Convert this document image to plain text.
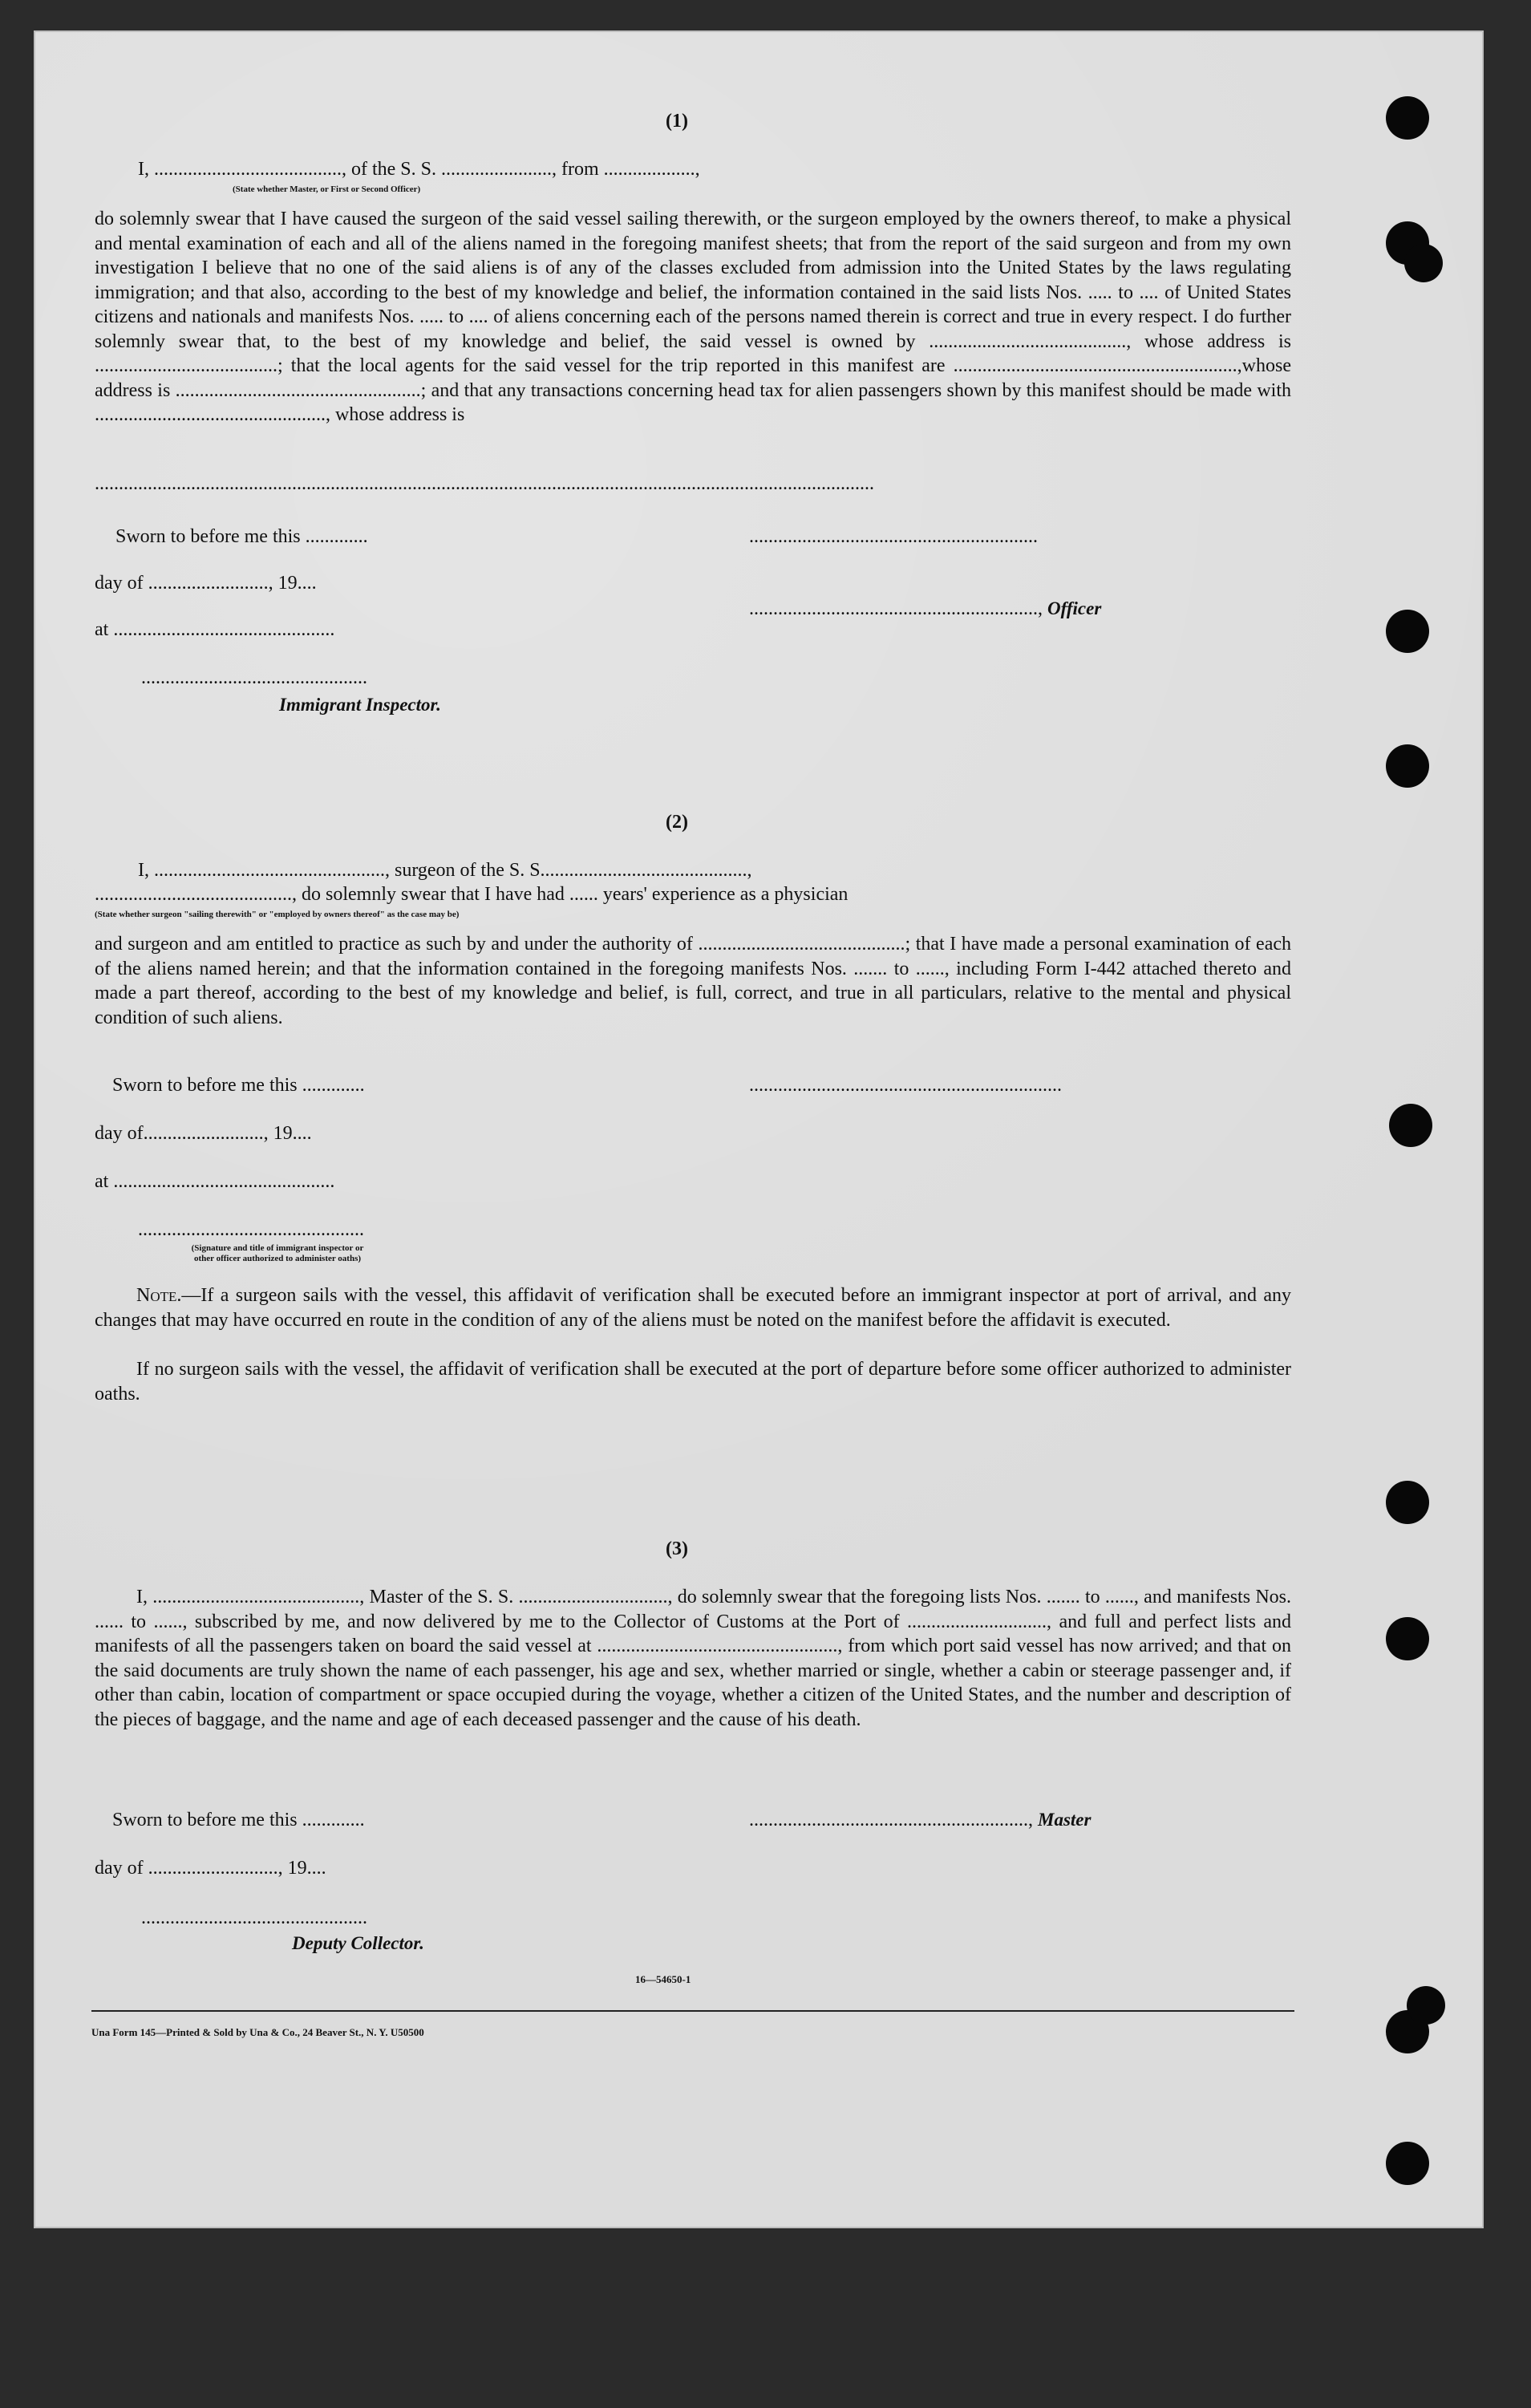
(1)
I, ......................................., of the S. S. ......................., from ...................,
(State whether Master, or First or Second Officer)
do solemnly swear that I have caused the surgeon of the said vessel sailing therewith, or the surgeon employed by the owners thereof, to make a physical and mental examination of each and all of the aliens named in the foregoing manifest sheets; that from the report of the said surgeon and from my own investigation I believe that no one of the said aliens is of any of the classes excluded from admission into the United States by the laws regulating immigration; and that also, according to the best of my knowledge and belief, the information contained in the said lists Nos. ..... to .... of United States citizens and nationals and manifests Nos. ..... to .... of aliens concerning each of the persons named therein is correct and true in every respect. I do further solemnly swear that, to the best of my knowledge and belief, the said vessel is owned by ........................................., whose address is ......................................; that the local agents for the said vessel for the trip reported in this manifest are ...........................................................,whose address is ...................................................; and that any transactions concerning head tax for alien passengers shown by this manifest should be made with ................................................, whose address is
..................................................................................................................................................................
Sworn to before me this .............	............................................................
day of ........................., 19....
............................................................, Officer
at ..............................................
...............................................
Immigrant Inspector.
(2)
I, ................................................, surgeon of the S. S...........................................,
........................................., do solemnly swear that I have had ...... years' experience as a physician
(State whether surgeon "sailing therewith" or "employed by owners thereof" as the case may be)
and surgeon and am entitled to practice as such by and under the authority of ...........................................; that I have made a personal examination of each of the aliens named herein; and that the information contained in the foregoing manifests Nos. ....... to ......, including Form I-442 attached thereto and made a part thereof, according to the best of my knowledge and belief, is full, correct, and true in all particulars, relative to the mental and physical condition of such aliens.
Sworn to before me this .............	.................................................................
day of........................., 19....
at ..............................................
...............................................
(Signature and title of immigrant inspector or
other officer authorized to administer oaths)
Note.—If a surgeon sails with the vessel, this affidavit of verification shall be executed before an immigrant inspector at port of arrival, and any changes that may have occurred en route in the condition of any of the aliens must be noted on the manifest before the affidavit is executed.
If no surgeon sails with the vessel, the affidavit of verification shall be executed at the port of departure before some officer authorized to administer oaths.
(3)
I, ..........................................., Master of the S. S. ..............................., do solemnly swear that the foregoing lists Nos. ....... to ......, and manifests Nos. ...... to ......, subscribed by me, and now delivered by me to the Collector of Customs at the Port of ............................., and full and perfect lists and manifests of all the passengers taken on board the said vessel at .................................................., from which port said vessel has now arrived; and that on the said documents are truly shown the name of each passenger, his age and sex, whether married or single, whether a cabin or steerage passenger and, if other than cabin, location of compartment or space occupied during the voyage, whether a citizen of the United States, and the number and description of the pieces of baggage, and the name and age of each deceased passenger and the cause of his death.
Sworn to before me this .............	.........................................................., Master
day of ..........................., 19....
...............................................
Deputy Collector.
16—54650-1
Una Form 145—Printed & Sold by Una & Co., 24 Beaver St., N. Y. U50500
